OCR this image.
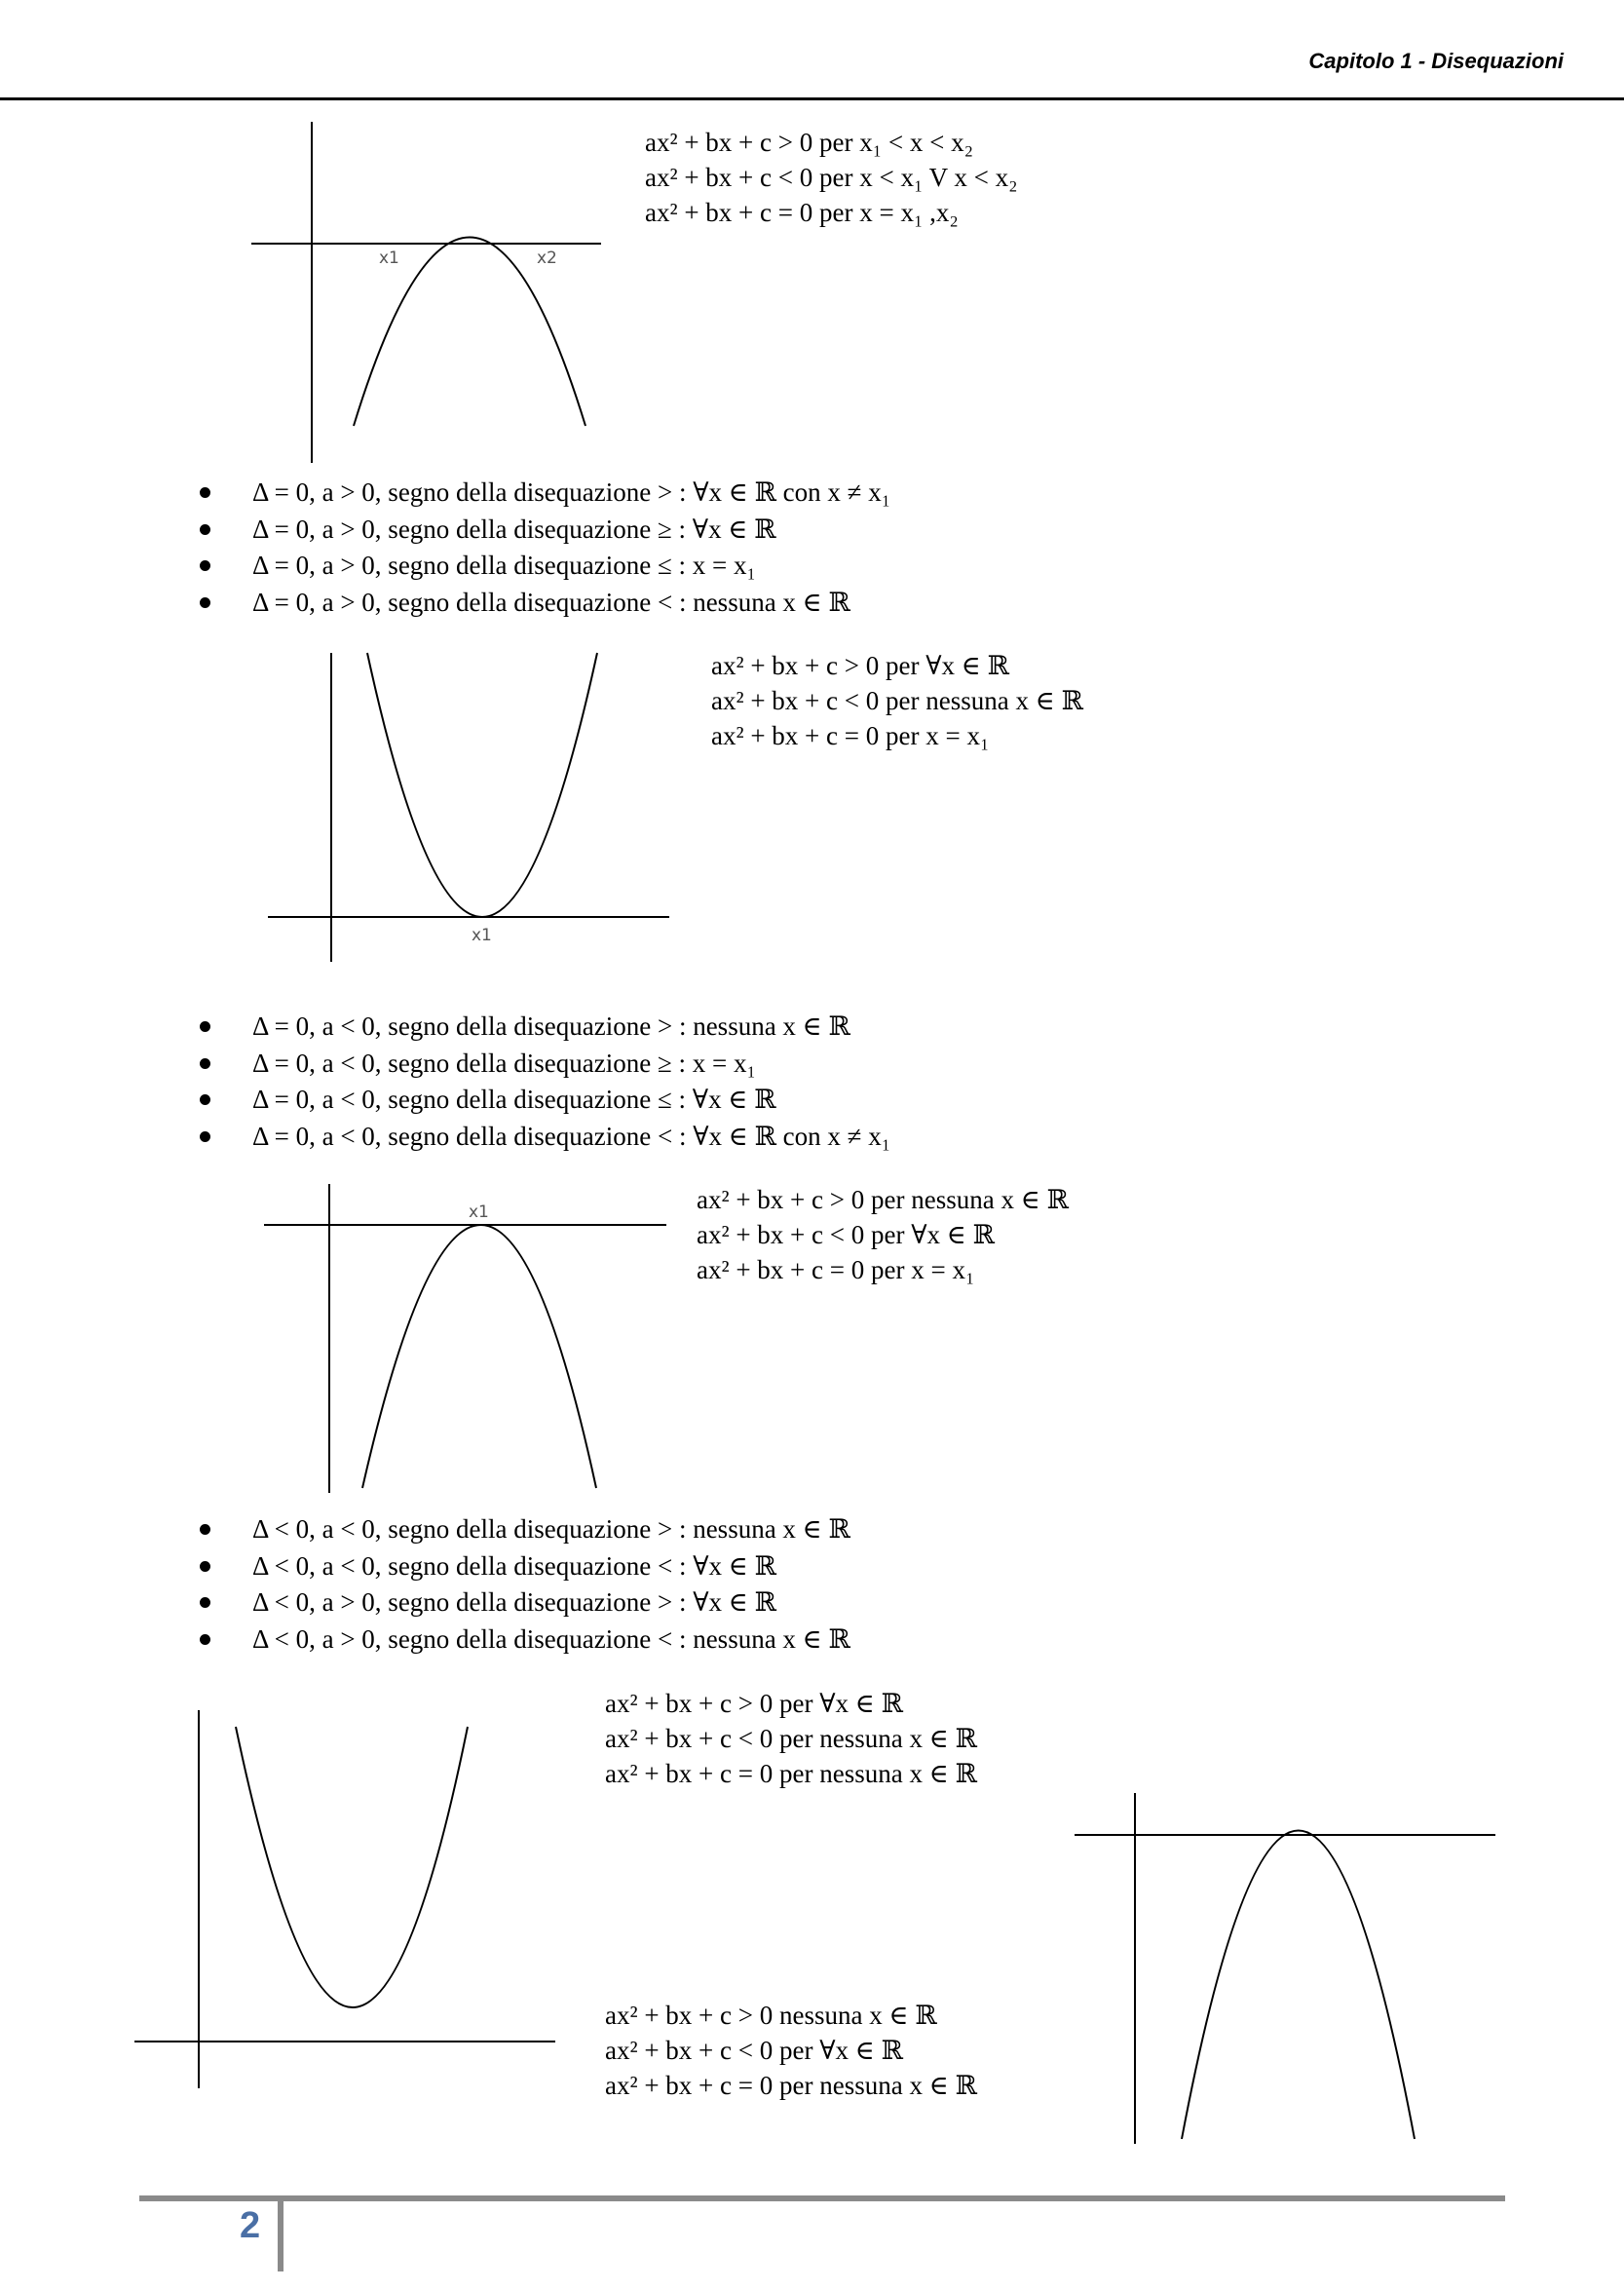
Capitolo 1 - Disequazioni
x1	x2
ax² + bx + c > 0 per x₁ < x < x₂
ax² + bx + c < 0 per x < x₁ V x < x₂
ax² + bx + c = 0 per x = x₁ ,x₂
Δ = 0, a > 0, segno della disequazione > : ∀x ∈ ℝ con x ≠ x₁
Δ = 0, a > 0, segno della disequazione ≥ : ∀x ∈ ℝ
Δ = 0, a > 0, segno della disequazione ≤ : x = x₁
Δ = 0, a > 0, segno della disequazione < : nessuna x ∈ ℝ
x1
ax² + bx + c > 0 per ∀x ∈ ℝ
ax² + bx + c < 0 per nessuna x ∈ ℝ
ax² + bx + c = 0 per x = x₁
Δ = 0, a < 0, segno della disequazione > : nessuna x ∈ ℝ
Δ = 0, a < 0, segno della disequazione ≥ : x = x₁
Δ = 0, a < 0, segno della disequazione ≤ : ∀x ∈ ℝ
Δ = 0, a < 0, segno della disequazione < : ∀x ∈ ℝ con x ≠ x₁
x1	ax² + bx + c > 0 per nessuna x ∈ ℝ
ax² + bx + c < 0 per ∀x ∈ ℝ
ax² + bx + c = 0 per x = x₁
Δ < 0, a < 0, segno della disequazione > : nessuna x ∈ ℝ
Δ < 0, a < 0, segno della disequazione < : ∀x ∈ ℝ
Δ < 0, a > 0, segno della disequazione > : ∀x ∈ ℝ
Δ < 0, a > 0, segno della disequazione < : nessuna x ∈ ℝ
ax² + bx + c > 0 per ∀x ∈ ℝ
ax² + bx + c < 0 per nessuna x ∈ ℝ
ax² + bx + c = 0 per nessuna x ∈ ℝ
ax² + bx + c > 0 nessuna x ∈ ℝ
ax² + bx + c < 0 per ∀x ∈ ℝ
ax² + bx + c = 0 per nessuna x ∈ ℝ
2
